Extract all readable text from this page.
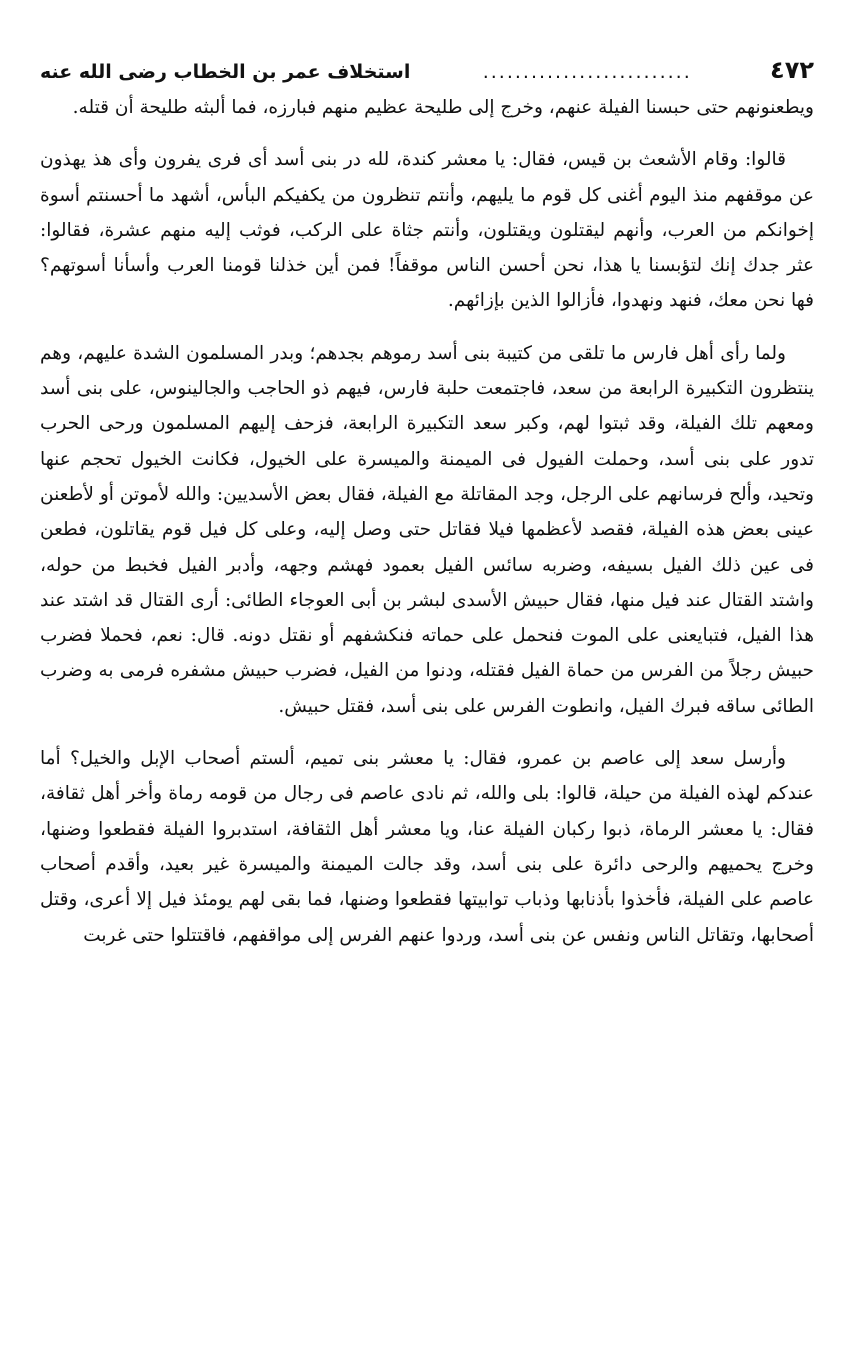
٤٧٢
..........................
استخلاف عمر بن الخطاب رضى الله عنه

ويطعنونهم حتى حبسنا الفيلة عنهم، وخرج إلى طليحة عظيم منهم فبارزه، فما ألبثه طليحة أن قتله.

قالوا: وقام الأشعث بن قيس، فقال: يا معشر كندة، لله در بنى أسد أى فرى يفرون وأى هذ يهذون عن موقفهم منذ اليوم أغنى كل قوم ما يليهم، وأنتم تنظرون من يكفيكم البأس، أشهد ما أحسنتم أسوة إخوانكم من العرب، وأنهم ليقتلون ويقتلون، وأنتم جثاة على الركب، فوثب إليه منهم عشرة، فقالوا: عثر جدك إنك لتؤبسنا يا هذا، نحن أحسن الناس موقفاً! فمن أين خذلنا قومنا العرب وأسأنا أسوتهم؟ فها نحن معك، فنهد ونهدوا، فأزالوا الذين بإزائهم.

ولما رأى أهل فارس ما تلقى من كتيبة بنى أسد رموهم بجدهم؛ وبدر المسلمون الشدة عليهم، وهم ينتظرون التكبيرة الرابعة من سعد، فاجتمعت حلبة فارس، فيهم ذو الحاجب والجالينوس، على بنى أسد ومعهم تلك الفيلة، وقد ثبتوا لهم، وكبر سعد التكبيرة الرابعة، فزحف إليهم المسلمون ورحى الحرب تدور على بنى أسد، وحملت الفيول فى الميمنة والميسرة على الخيول، فكانت الخيول تحجم عنها وتحيد، وألح فرسانهم على الرجل، وجد المقاتلة مع الفيلة، فقال بعض الأسديين: والله لأموتن أو لأطعنن عينى بعض هذه الفيلة، فقصد لأعظمها فيلا فقاتل حتى وصل إليه، وعلى كل فيل قوم يقاتلون، فطعن فى عين ذلك الفيل بسيفه، وضربه سائس الفيل بعمود فهشم وجهه، وأدبر الفيل فخبط من حوله، واشتد القتال عند فيل منها، فقال حبيش الأسدى لبشر بن أبى العوجاء الطائى: أرى القتال قد اشتد عند هذا الفيل، فتبايعنى على الموت فنحمل على حماته فنكشفهم أو نقتل دونه. قال: نعم، فحملا فضرب حبيش رجلاً من الفرس من حماة الفيل فقتله، ودنوا من الفيل، فضرب حبيش مشفره فرمى به وضرب الطائى ساقه فبرك الفيل، وانطوت الفرس على بنى أسد، فقتل حبيش.

وأرسل سعد إلى عاصم بن عمرو، فقال: يا معشر بنى تميم، ألستم أصحاب الإبل والخيل؟ أما عندكم لهذه الفيلة من حيلة، قالوا: بلى والله، ثم نادى عاصم فى رجال من قومه رماة وأخر أهل ثقافة، فقال: يا معشر الرماة، ذبوا ركبان الفيلة عنا، ويا معشر أهل الثقافة، استدبروا الفيلة فقطعوا وضنها، وخرج يحميهم والرحى دائرة على بنى أسد، وقد جالت الميمنة والميسرة غير بعيد، وأقدم أصحاب عاصم على الفيلة، فأخذوا بأذنابها وذباب توابيتها فقطعوا وضنها، فما بقى لهم يومئذ فيل إلا أعرى، وقتل أصحابها، وتقاتل الناس ونفس عن بنى أسد، وردوا عنهم الفرس إلى مواقفهم، فاقتتلوا حتى غربت
